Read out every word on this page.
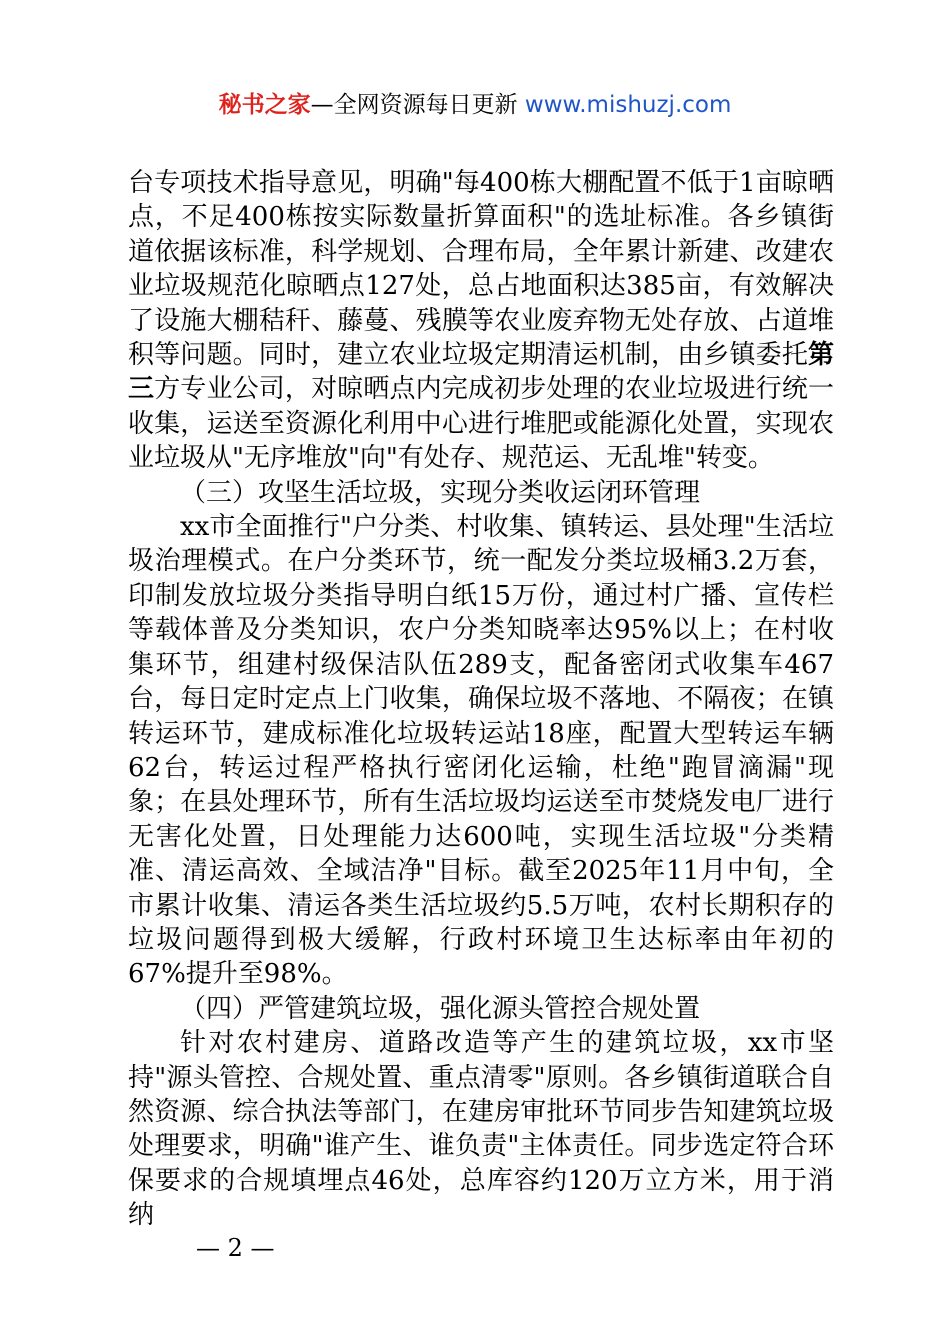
秘书之家—全网资源每日更新 www.mishuzj.com

台专项技术指导意见，明确"每400栋大棚配置不低于1亩晾晒点，不足400栋按实际数量折算面积"的选址标准。各乡镇街道依据该标准，科学规划、合理布局，全年累计新建、改建农业垃圾规范化晾晒点127处，总占地面积达385亩，有效解决了设施大棚秸秆、藤蔓、残膜等农业废弃物无处存放、占道堆积等问题。同时，建立农业垃圾定期清运机制，由乡镇委托第三方专业公司，对晾晒点内完成初步处理的农业垃圾进行统一收集，运送至资源化利用中心进行堆肥或能源化处置，实现农业垃圾从"无序堆放"向"有处存、规范运、无乱堆"转变。

（三）攻坚生活垃圾，实现分类收运闭环管理

xx市全面推行"户分类、村收集、镇转运、县处理"生活垃圾治理模式。在户分类环节，统一配发分类垃圾桶3.2万套，印制发放垃圾分类指导明白纸15万份，通过村广播、宣传栏等载体普及分类知识，农户分类知晓率达95%以上；在村收集环节，组建村级保洁队伍289支，配备密闭式收集车467台，每日定时定点上门收集，确保垃圾不落地、不隔夜；在镇转运环节，建成标准化垃圾转运站18座，配置大型转运车辆62台，转运过程严格执行密闭化运输，杜绝"跑冒滴漏"现象；在县处理环节，所有生活垃圾均运送至市焚烧发电厂进行无害化处置，日处理能力达600吨，实现生活垃圾"分类精准、清运高效、全域洁净"目标。截至2025年11月中旬，全市累计收集、清运各类生活垃圾约5.5万吨，农村长期积存的垃圾问题得到极大缓解，行政村环境卫生达标率由年初的67%提升至98%。

（四）严管建筑垃圾，强化源头管控合规处置

针对农村建房、道路改造等产生的建筑垃圾，xx市坚持"源头管控、合规处置、重点清零"原则。各乡镇街道联合自然资源、综合执法等部门，在建房审批环节同步告知建筑垃圾处理要求，明确"谁产生、谁负责"主体责任。同步选定符合环保要求的合规填埋点46处，总库容约120万立方米，用于消纳

— 2 —
